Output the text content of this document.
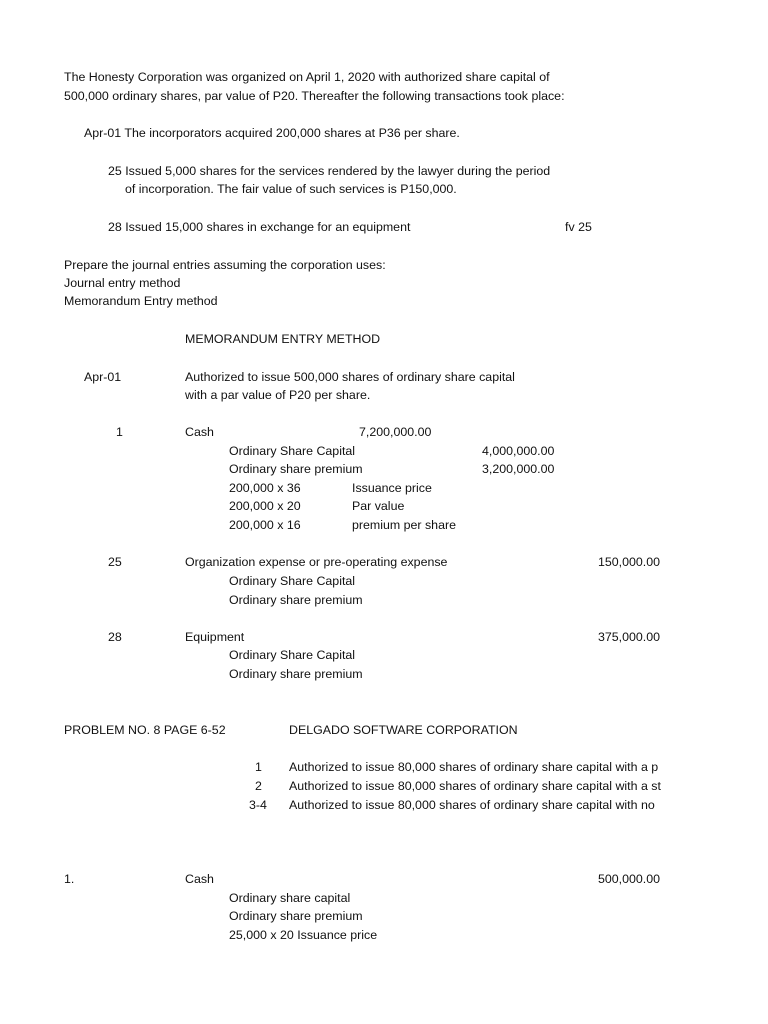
The Honesty Corporation was organized on April 1, 2020 with authorized share capital of
500,000 ordinary shares, par value of P20. Thereafter the following transactions took place:
Apr-01 The incorporators acquired 200,000 shares at P36 per share.
25 Issued 5,000 shares for the services rendered by the lawyer during the period
of incorporation. The fair value of such services is P150,000.
28 Issued 15,000 shares in exchange for an equipment	fv 25
Prepare the journal entries assuming the corporation uses:
Journal entry method
Memorandum Entry method
MEMORANDUM ENTRY METHOD
Apr-01	Authorized to issue 500,000 shares of ordinary share capital
with a par value of P20 per share.
1	Cash	7,200,000.00
Ordinary Share Capital	4,000,000.00
Ordinary share premium	3,200,000.00
200,000 x 36	Issuance price
200,000 x 20	Par value
200,000 x 16	premium per share
25	Organization expense or pre-operating expense	150,000.00
Ordinary Share Capital
Ordinary share premium
28	Equipment	375,000.00
Ordinary Share Capital
Ordinary share premium
PROBLEM NO. 8 PAGE 6-52	DELGADO SOFTWARE CORPORATION
1 Authorized to issue 80,000 shares of ordinary share capital with a p
2 Authorized to issue 80,000 shares of ordinary share capital with a st
3-4 Authorized to issue 80,000 shares of ordinary share capital with no
1.	Cash	500,000.00
Ordinary share capital
Ordinary share premium
25,000 x 20 Issuance price
